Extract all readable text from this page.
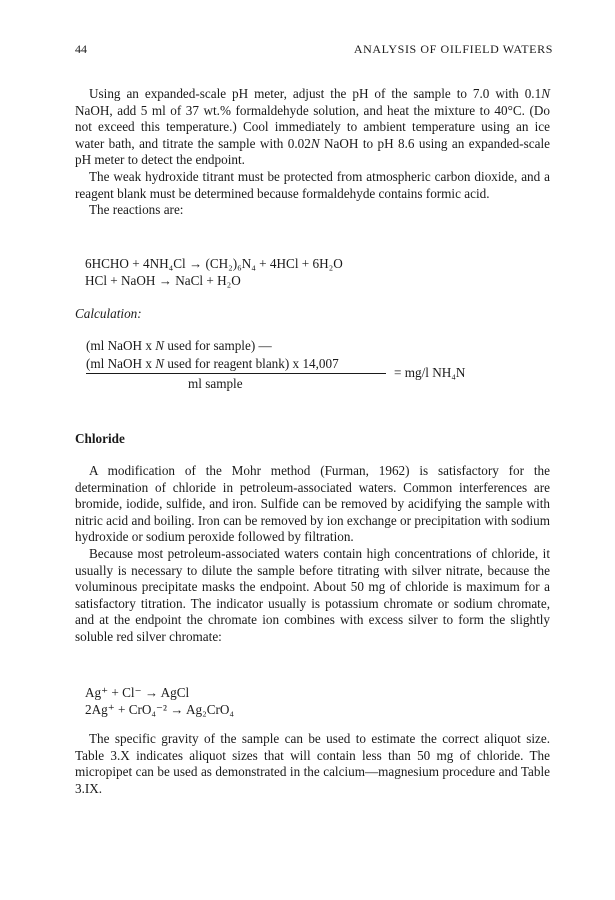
44	ANALYSIS OF OILFIELD WATERS

Using an expanded-scale pH meter, adjust the pH of the sample to 7.0 with 0.1N NaOH, add 5 ml of 37 wt.% formaldehyde solution, and heat the mixture to 40°C. (Do not exceed this temperature.) Cool immediately to ambient temperature using an ice water bath, and titrate the sample with 0.02N NaOH to pH 8.6 using an expanded-scale pH meter to detect the endpoint.

The weak hydroxide titrant must be protected from atmospheric carbon dioxide, and a reagent blank must be determined because formaldehyde contains formic acid.

The reactions are:

6HCHO + 4NH₄Cl → (CH₂)₆N₄ + 4HCl + 6H₂O
HCl + NaOH → NaCl + H₂O
Calculation:
(ml NaOH x N used for sample) —
(ml NaOH x N used for reagent blank) x 14,007
ml sample
= mg/l NH₄N
Chloride

A modification of the Mohr method (Furman, 1962) is satisfactory for the determination of chloride in petroleum-associated waters. Common interferences are bromide, iodide, sulfide, and iron. Sulfide can be removed by acidifying the sample with nitric acid and boiling. Iron can be removed by ion exchange or precipitation with sodium hydroxide or sodium peroxide followed by filtration.

Because most petroleum-associated waters contain high concentrations of chloride, it usually is necessary to dilute the sample before titrating with silver nitrate, because the voluminous precipitate masks the endpoint. About 50 mg of chloride is maximum for a satisfactory titration. The indicator usually is potassium chromate or sodium chromate, and at the endpoint the chromate ion combines with excess silver to form the slightly soluble red silver chromate:

Ag⁺ + Cl⁻ → AgCl
2Ag⁺ + CrO₄⁻² → Ag₂CrO₄

The specific gravity of the sample can be used to estimate the correct aliquot size. Table 3.X indicates aliquot sizes that will contain less than 50 mg of chloride. The micropipet can be used as demonstrated in the calcium—magnesium procedure and Table 3.IX.
